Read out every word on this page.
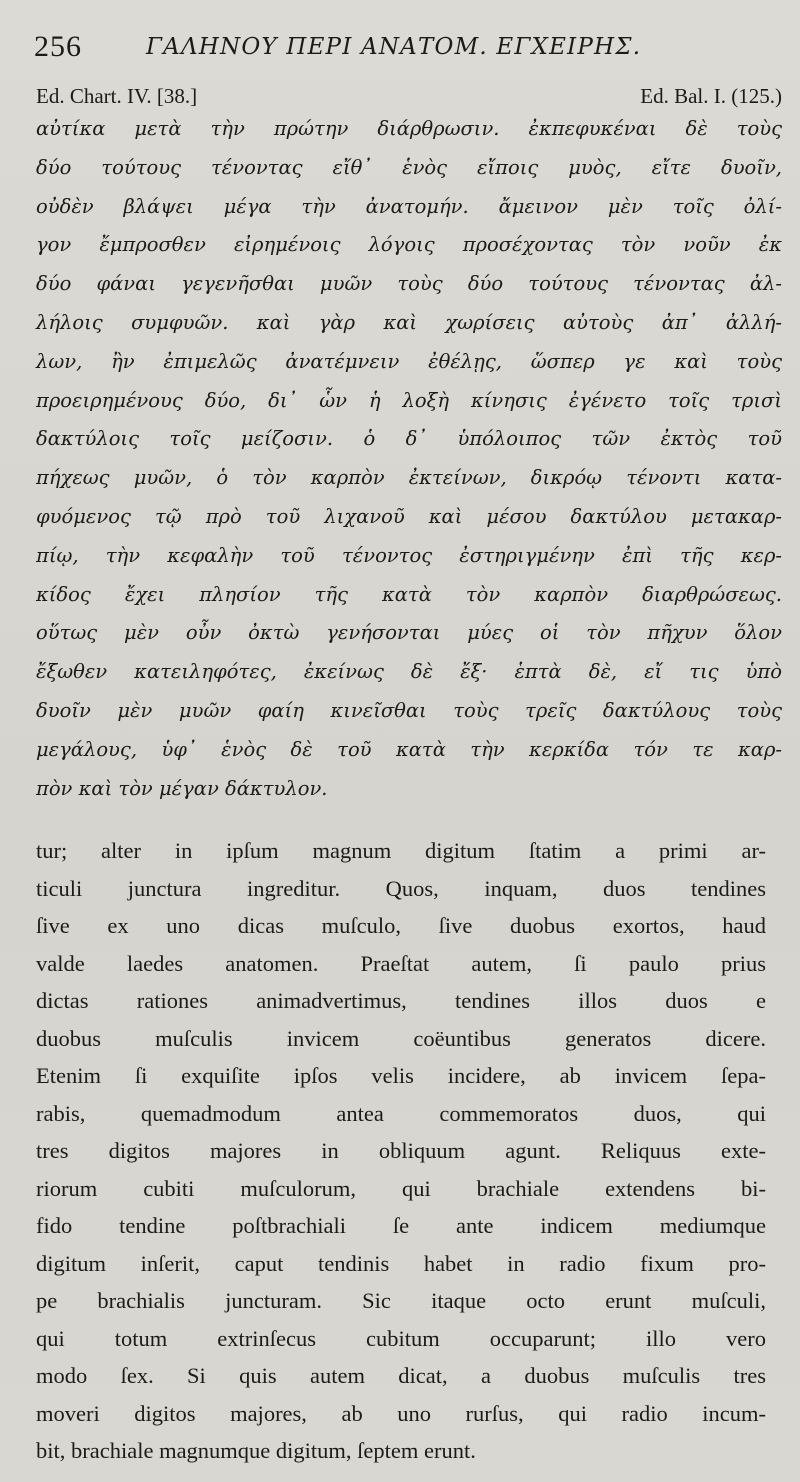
256	ΓΑΛΗΝΟΥ ΠΕΡΙ ΑΝΑΤΟΜ. ΕΓΧΕΙΡΗΣ.
Ed. Chart. IV. [38.]	Ed. Bal. I. (125.)
αὐτίκα μετὰ τὴν πρώτην διάρθρωσιν. ἐκπεφυκέναι δὲ τοὺς
δύο τούτους τένοντας εἴθ᾽ ἑνὸς εἴποις μυὸς, εἴτε δυοῖν,
οὐδὲν βλάψει μέγα τὴν ἀνατομήν. ἄμεινον μὲν τοῖς ὀλί-
γον ἔμπροσθεν εἰρημένοις λόγοις προσέχοντας τὸν νοῦν ἐκ
δύο φάναι γεγενῆσθαι μυῶν τοὺς δύο τούτους τένοντας ἀλ-
λήλοις συμφυῶν. καὶ γὰρ καὶ χωρίσεις αὐτοὺς ἀπ᾽ ἀλλή-
λων, ἢν ἐπιμελῶς ἀνατέμνειν ἐθέλῃς, ὥσπερ γε καὶ τοὺς
προειρημένους δύο, δι᾽ ὧν ἡ λοξὴ κίνησις ἐγένετο τοῖς τρισὶ
δακτύλοις τοῖς μείζοσιν. ὁ δ᾽ ὑπόλοιπος τῶν ἐκτὸς τοῦ
πήχεως μυῶν, ὁ τὸν καρπὸν ἐκτείνων, δικρόῳ τένοντι κατα-
φυόμενος τῷ πρὸ τοῦ λιχανοῦ καὶ μέσου δακτύλου μετακαρ-
πίῳ, τὴν κεφαλὴν τοῦ τένοντος ἐστηριγμένην ἐπὶ τῆς κερ-
κίδος ἔχει πλησίον τῆς κατὰ τὸν καρπὸν διαρθρώσεως.
οὕτως μὲν οὖν ὀκτὼ γενήσονται μύες οἱ τὸν πῆχυν ὅλον
ἔξωθεν κατειληφότες, ἐκείνως δὲ ἔξ· ἑπτὰ δὲ, εἴ τις ὑπὸ
δυοῖν μὲν μυῶν φαίη κινεῖσθαι τοὺς τρεῖς δακτύλους τοὺς
μεγάλους, ὑφ᾽ ἑνὸς δὲ τοῦ κατὰ τὴν κερκίδα τόν τε καρ-
πὸν καὶ τὸν μέγαν δάκτυλον.
tur; alter in ipſum magnum digitum ſtatim a primi ar-
ticuli junctura ingreditur. Quos, inquam, duos tendines
ſive ex uno dicas muſculo, ſive duobus exortos, haud
valde laedes anatomen. Praeſtat autem, ſi paulo prius
dictas rationes animadvertimus, tendines illos duos e
duobus muſculis invicem coëuntibus generatos dicere.
Etenim ſi exquiſite ipſos velis incidere, ab invicem ſepa-
rabis, quemadmodum antea commemoratos duos, qui
tres digitos majores in obliquum agunt. Reliquus exte-
riorum cubiti muſculorum, qui brachiale extendens bi-
fido tendine poſtbrachiali ſe ante indicem mediumque
digitum inſerit, caput tendinis habet in radio fixum pro-
pe brachialis juncturam. Sic itaque octo erunt muſculi,
qui totum extrinſecus cubitum occuparunt; illo vero
modo ſex. Si quis autem dicat, a duobus muſculis tres
moveri digitos majores, ab uno rurſus, qui radio incum-
bit, brachiale magnumque digitum, ſeptem erunt.
